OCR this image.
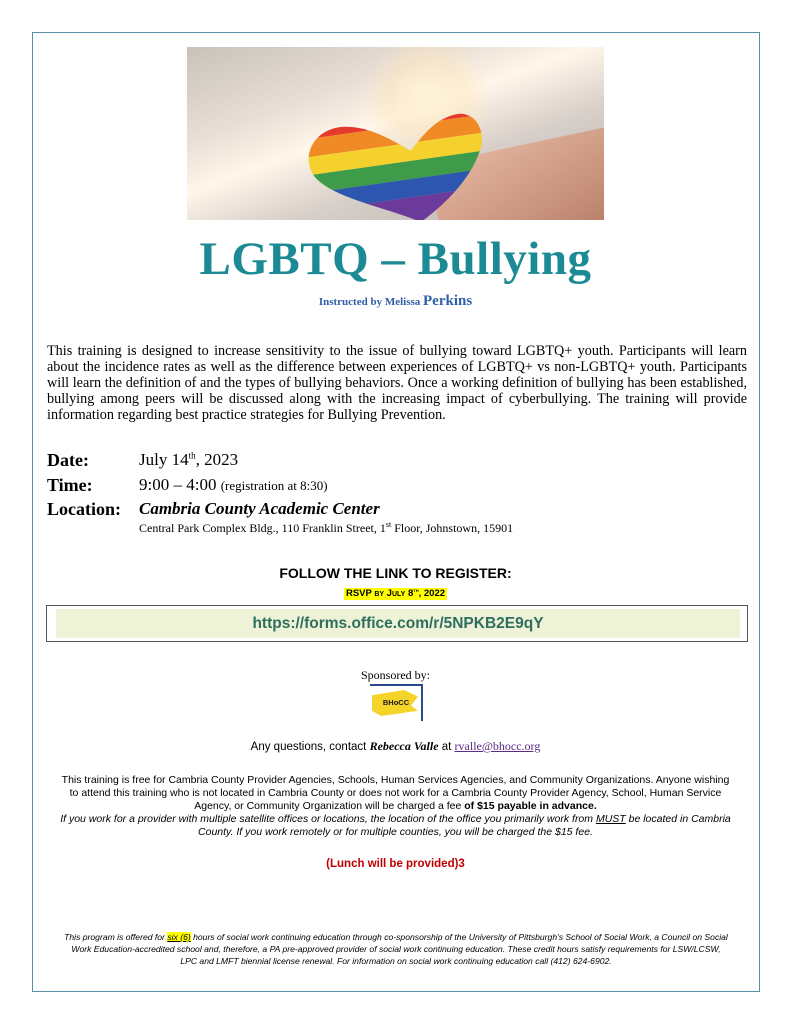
LGBTQ – Bullying
Instructed by Melissa Perkins
This training is designed to increase sensitivity to the issue of bullying toward LGBTQ+ youth. Participants will learn about the incidence rates as well as the difference between experiences of LGBTQ+ vs non-LGBTQ+ youth. Participants will learn the definition of and the types of bullying behaviors. Once a working definition of bullying has been established, bullying among peers will be discussed along with the increasing impact of cyberbullying. The training will provide information regarding best practice strategies for Bullying Prevention.
Date:	July 14th, 2023
Time:	9:00 – 4:00 (registration at 8:30)
Location:	Cambria County Academic Center
Central Park Complex Bldg., 110 Franklin Street, 1st Floor, Johnstown, 15901
FOLLOW THE LINK TO REGISTER:
RSVP by July 8th, 2022
https://forms.office.com/r/5NPKB2E9qY
Sponsored by:
BHoCC
Any questions, contact Rebecca Valle at rvalle@bhocc.org
This training is free for Cambria County Provider Agencies, Schools, Human Services Agencies, and Community Organizations. Anyone wishing to attend this training who is not located in Cambria County or does not work for a Cambria County Provider Agency, School, Human Service Agency, or Community Organization will be charged a fee of $15 payable in advance.
If you work for a provider with multiple satellite offices or locations, the location of the office you primarily work from MUST be located in Cambria County. If you work remotely or for multiple counties, you will be charged the $15 fee.
(Lunch will be provided)3
This program is offered for six (6) hours of social work continuing education through co-sponsorship of the University of Pittsburgh's School of Social Work, a Council on Social Work Education-accredited school and, therefore, a PA pre-approved provider of social work continuing education. These credit hours satisfy requirements for LSW/LCSW, LPC and LMFT biennial license renewal. For information on social work continuing education call (412) 624-6902.
